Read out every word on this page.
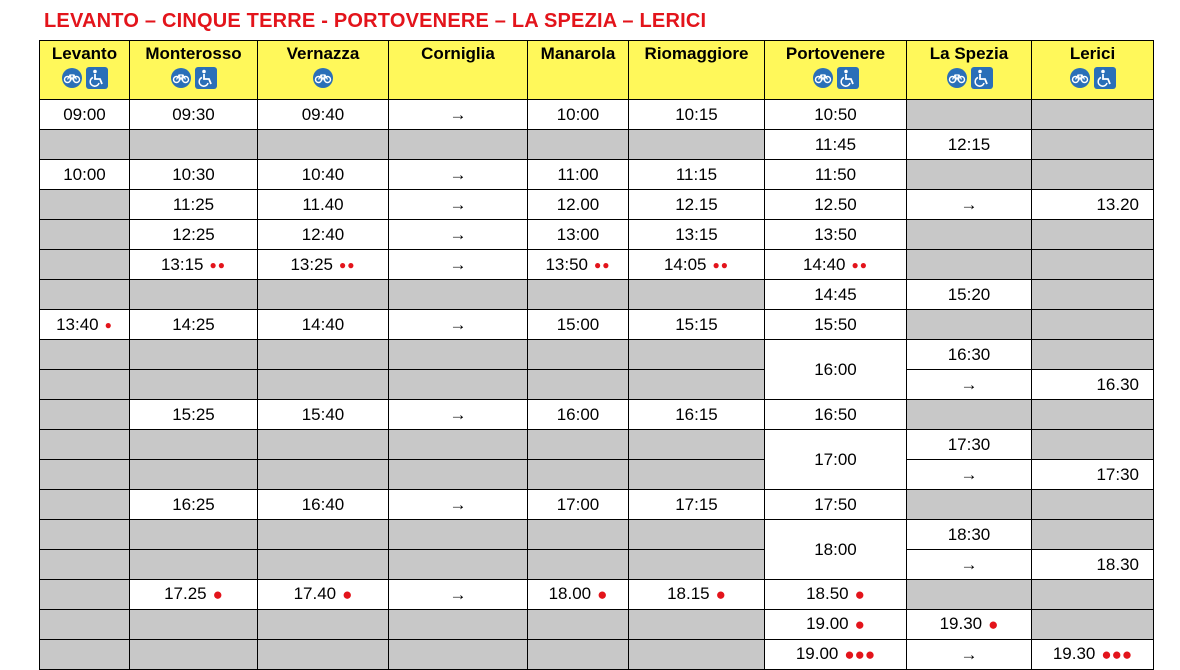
LEVANTO – CINQUE TERRE - PORTOVENERE – LA SPEZIA – LERICI
Levanto	Monterosso	Vernazza	Corniglia	Manarola	Riomaggiore	Portovenere	La Spezia	Lerici

09:00	09:30	09:40	→	10:00	10:15	10:50		
						11:45	12:15	
10:00	10:30	10:40	→	11:00	11:15	11:50		
	11:25	11.40	→	12.00	12.15	12.50	→	13.20
	12:25	12:40	→	13:00	13:15	13:50		
	13:15 ●●	13:25 ●●	→	13:50 ●●	14:05 ●●	14:40 ●●		
						14:45	15:20	
13:40 ●	14:25	14:40	→	15:00	15:15	15:50		
						16:00	16:30	
							→	16.30
	15:25	15:40	→	16:00	16:15	16:50		
						17:00	17:30	
							→	17:30
	16:25	16:40	→	17:00	17:15	17:50		
						18:00	18:30	
							→	18.30
	17.25 ●	17.40 ●	→	18.00 ●	18.15 ●	18.50 ●		
						19.00 ●	19.30 ●	
						19.00 ●●●	→	19.30 ●●●
